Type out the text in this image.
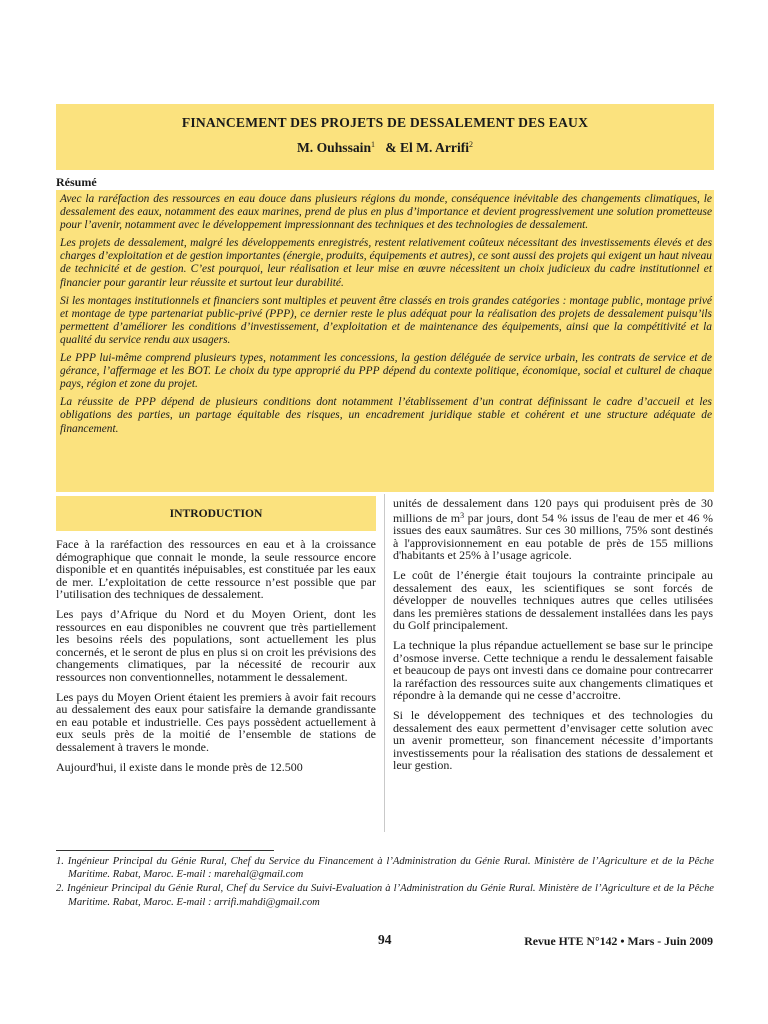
FINANCEMENT DES PROJETS DE DESSALEMENT DES EAUX
M. Ouhssain$^1$ & El M. Arrifi$^2$
Résumé

Avec la raréfaction des ressources en eau douce dans plusieurs régions du monde, conséquence inévitable des changements climatiques, le dessalement des eaux, notamment des eaux marines, prend de plus en plus d’importance et devient progressivement une solution prometteuse pour l’avenir, notamment avec le développement impressionnant des techniques et des technologies de dessalement.

Les projets de dessalement, malgré les développements enregistrés, restent relativement coûteux nécessitant des investissements élevés et des charges d’exploitation et de gestion importantes (énergie, produits, équipements et autres), ce sont aussi des projets qui exigent un haut niveau de technicité et de gestion. C’est pourquoi, leur réalisation et leur mise en œuvre nécessitent un choix judicieux du cadre institutionnel et financier pour garantir leur réussite et surtout leur durabilité.

Si les montages institutionnels et financiers sont multiples et peuvent être classés en trois grandes catégories : montage public, montage privé et montage de type partenariat public-privé (PPP), ce dernier reste le plus adéquat pour la réalisation des projets de dessalement puisqu’ils permettent d’améliorer les conditions d’investissement, d’exploitation et de maintenance des équipements, ainsi que la compétitivité et la qualité du service rendu aux usagers.

Le PPP lui-même comprend plusieurs types, notamment les concessions, la gestion déléguée de service urbain, les contrats de service et de gérance, l’affermage et les BOT. Le choix du type approprié du PPP dépend du contexte politique, économique, social et culturel de chaque pays, région et zone du projet.

La réussite de PPP dépend de plusieurs conditions dont notamment l’établissement d’un contrat définissant le cadre d’accueil et les obligations des parties, un partage équitable des risques, un encadrement juridique stable et cohérent et une structure adéquate de financement.

INTRODUCTION

Face à la raréfaction des ressources en eau et à la croissance démographique que connait le monde, la seule ressource encore disponible et en quantités inépuisables, est constituée par les eaux de mer. L’exploitation de cette ressource n’est possible que par l’utilisation des techniques de dessalement.

Les pays d’Afrique du Nord et du Moyen Orient, dont les ressources en eau disponibles ne couvrent que très partiellement les besoins réels des populations, sont actuellement les plus concernés, et le seront de plus en plus si on croit les prévisions des changements climatiques, par la nécessité de recourir aux ressources non conventionnelles, notamment le dessalement.

Les pays du Moyen Orient étaient les premiers à avoir fait recours au dessalement des eaux pour satisfaire la demande grandissante en eau potable et industrielle. Ces pays possèdent actuellement à eux seuls près de la moitié de l’ensemble de stations de dessalement à travers le monde.

Aujourd'hui, il existe dans le monde près de 12.500

unités de dessalement dans 120 pays qui produisent près de 30 millions de $m^3$ par jours, dont 54 % issus de l'eau de mer et 46 % issues des eaux saumâtres. Sur ces 30 millions, 75% sont destinés à l'approvisionnement en eau potable de près de 155 millions d'habitants et 25% à l’usage agricole.

Le coût de l’énergie était toujours la contrainte principale au dessalement des eaux, les scientifiques se sont forcés de développer de nouvelles techniques autres que celles utilisées dans les premières stations de dessalement installées dans les pays du Golf principalement.

La technique la plus répandue actuellement se base sur le principe d’osmose inverse. Cette technique a rendu le dessalement faisable et beaucoup de pays ont investi dans ce domaine pour contrecarrer la raréfaction des ressources suite aux changements climatiques et répondre à la demande qui ne cesse d’accroitre.

Si le développement des techniques et des technologies du dessalement des eaux permettent d’envisager cette solution avec un avenir prometteur, son financement nécessite d’importants investissements pour la réalisation des stations de dessalement et leur gestion.

1. Ingénieur Principal du Génie Rural, Chef du Service du Financement à l’Administration du Génie Rural. Ministère de l’Agriculture et de la Pêche Maritime. Rabat, Maroc. E-mail : marehal@gmail.com

2. Ingénieur Principal du Génie Rural, Chef du Service du Suivi-Evaluation à l’Administration du Génie Rural. Ministère de l’Agriculture et de la Pêche Maritime. Rabat, Maroc. E-mail : arrifi.mahdi@gmail.com

94	Revue HTE N°142 • Mars - Juin 2009
